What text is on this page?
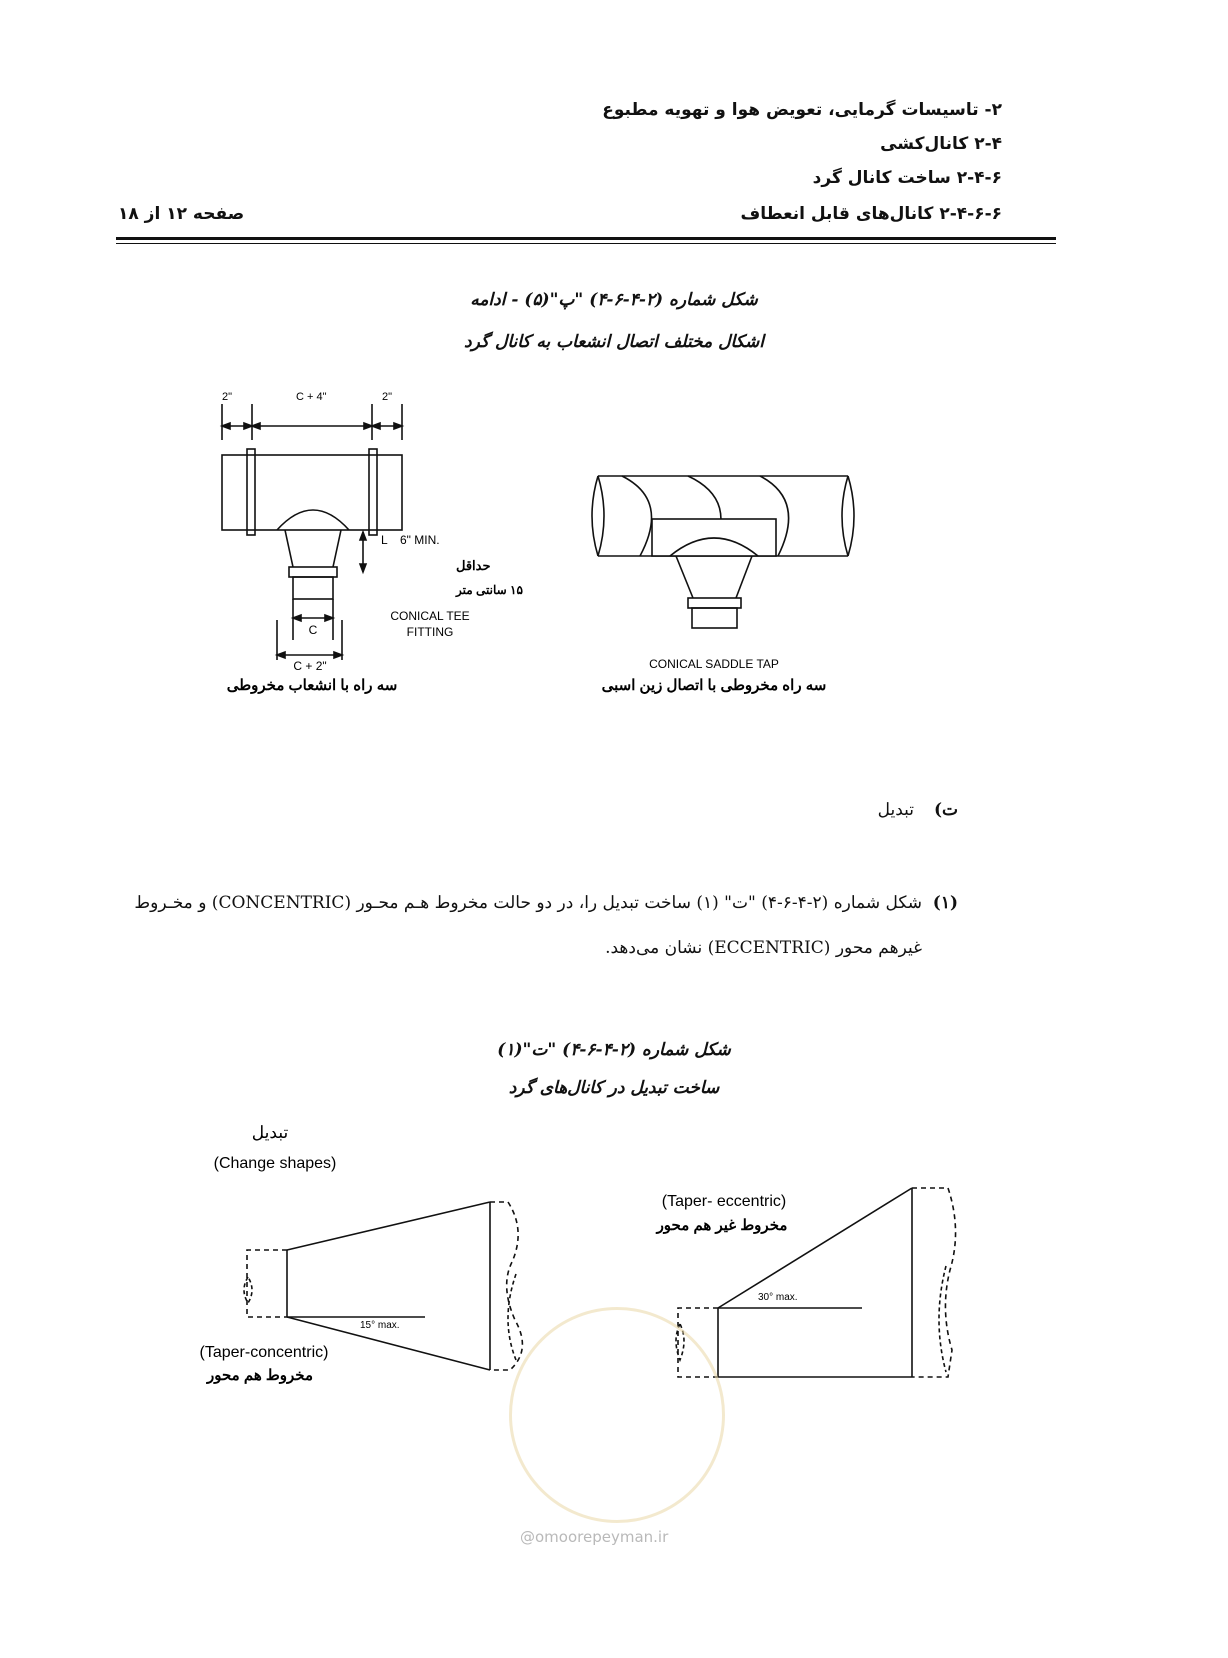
۲- تاسیسات گرمایی، تعویض هوا و تهویه مطبوع
۲-۴ کانال‌کشی
۲-۴-۶ ساخت کانال گرد
۲-۴-۶-۶ کانال‌های قابل انعطاف
صفحه ۱۲ از ۱۸
شکل شماره (۲-۴-۶-۴) "پ"(۵) - ادامه
اشکال مختلف اتصال انشعاب به کانال گرد
2"	C + 4"	2"
L 6" MIN.
حداقل
۱۵ سانتی متر
CONICAL TEE
FITTING
C
C + 2"
سه راه با انشعاب مخروطی
CONICAL SADDLE TAP
سه راه مخروطی با اتصال زین اسبی
ت)
تبدیل
(۱)
شکل شماره (۲-۴-۶-۴) "ت" (۱) ساخت تبدیل را، در دو حالت مخروط هـم محـور (CONCENTRIC) و مخـروط
غیرهم محور (ECCENTRIC) نشان می‌دهد.
شکل شماره (۲-۴-۶-۴) "ت"(۱)
ساخت تبدیل در کانال‌های گرد
تبدیل
(Change shapes)
15° max.
(Taper-concentric)
مخروط هم محور
(Taper- eccentric)
مخروط غیر هم محور
30° max.
@omoorepeyman.ir
